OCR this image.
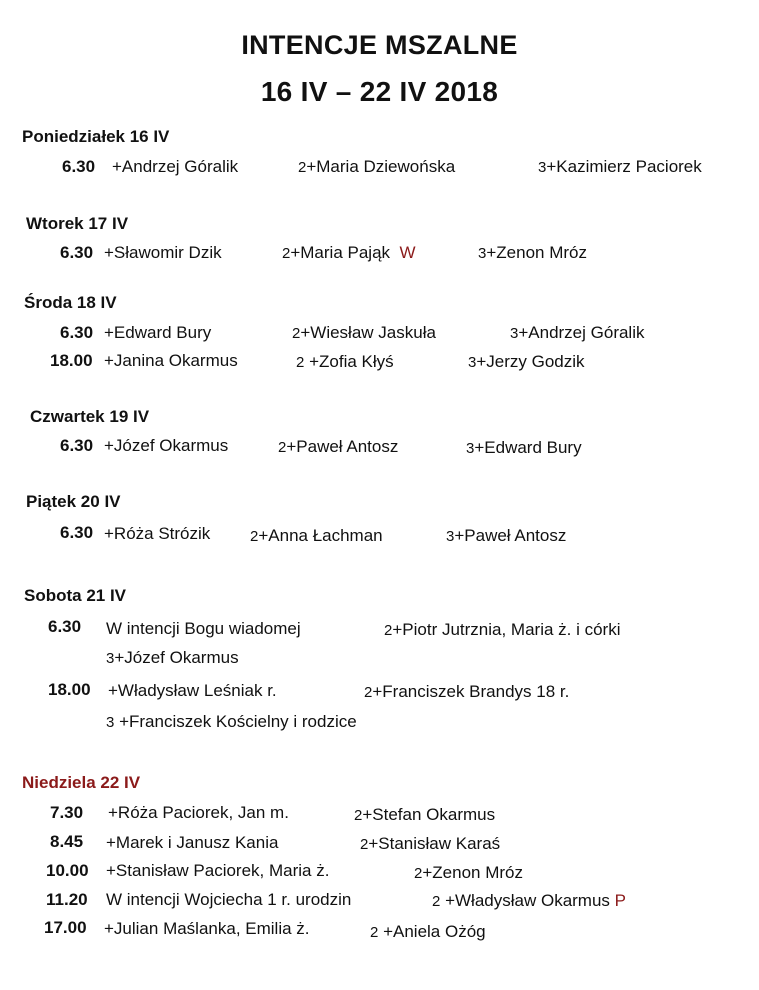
INTENCJE MSZALNE
16 IV – 22 IV 2018
Poniedziałek 16 IV
6.30 +Andrzej Góralik	2+Maria Dziewońska	3+Kazimierz Paciorek
Wtorek 17 IV
6.30 +Sławomir Dzik	2+Maria Pająk W	3+Zenon Mróz
Środa 18 IV
6.30 +Edward Bury	2+Wiesław Jaskuła	3+Andrzej Góralik
18.00 +Janina Okarmus	2 +Zofia Kłyś	3+Jerzy Godzik
Czwartek 19 IV
6.30 +Józef Okarmus	2+Paweł Antosz	3+Edward Bury
Piątek 20 IV
6.30 +Róża Strózik	2+Anna Łachman	3+Paweł Antosz
Sobota 21 IV
6.30 W intencji Bogu wiadomej	2+Piotr Jutrznia, Maria ż. i córki
3+Józef Okarmus
18.00 +Władysław Leśniak r.	2+Franciszek Brandys 18 r.
3 +Franciszek Kościelny i rodzice
Niedziela 22 IV
7.30 +Róża Paciorek, Jan m.	2+Stefan Okarmus
8.45 +Marek i Janusz Kania	2+Stanisław Karaś
10.00 +Stanisław Paciorek, Maria ż.	2+Zenon Mróz
11.20 W intencji Wojciecha 1 r. urodzin	2 +Władysław Okarmus P
17.00 +Julian Maślanka, Emilia ż.	2 +Aniela Ożóg
